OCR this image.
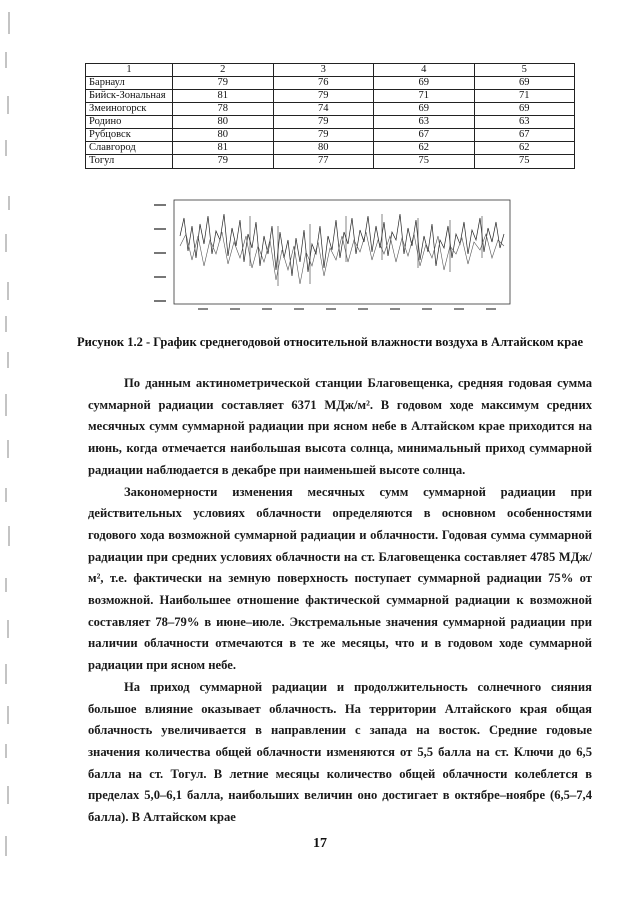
1	2	3	4	5
Барнаул	79	76	69	69
Бийск-Зональная	81	79	71	71
Змеиногорск	78	74	69	69
Родино	80	79	63	63
Рубцовск	80	79	67	67
Славгород	81	80	62	62
Тогул	79	77	75	75
Рисунок 1.2 - График среднегодовой относительной влажности воздуха в Алтайском крае

По данным актинометрической станции Благовещенка, средняя годовая сумма суммарной радиации составляет 6371 МДж/м². В годовом ходе максимум средних месячных сумм суммарной радиации при ясном небе в Алтайском крае приходится на июнь, когда отмечается наибольшая высота солнца, минимальный приход суммарной радиации наблюдается в декабре при наименьшей высоте солнца.

Закономерности изменения месячных сумм суммарной радиации при действительных условиях облачности определяются в основном особенностями годового хода возможной суммарной радиации и облачности. Годовая сумма суммарной радиации при средних условиях облачности на ст. Благовещенка составляет 4785 МДж/м², т.е. фактически на земную поверхность поступает суммарной радиации 75% от возможной. Наибольшее отношение фактической суммарной радиации к возможной составляет 78–79% в июне–июле. Экстремальные значения суммарной радиации при наличии облачности отмечаются в те же месяцы, что и в годовом ходе суммарной радиации при ясном небе.

На приход суммарной радиации и продолжительность солнечного сияния большое влияние оказывает облачность. На территории Алтайского края общая облачность увеличивается в направлении с запада на восток. Средние годовые значения количества общей облачности изменяются от 5,5 балла на ст. Ключи до 6,5 балла на ст. Тогул. В летние месяцы количество общей облачности колеблется в пределах 5,0–6,1 балла, наибольших величин оно достигает в октябре–ноябре (6,5–7,4 балла). В Алтайском крае

17
